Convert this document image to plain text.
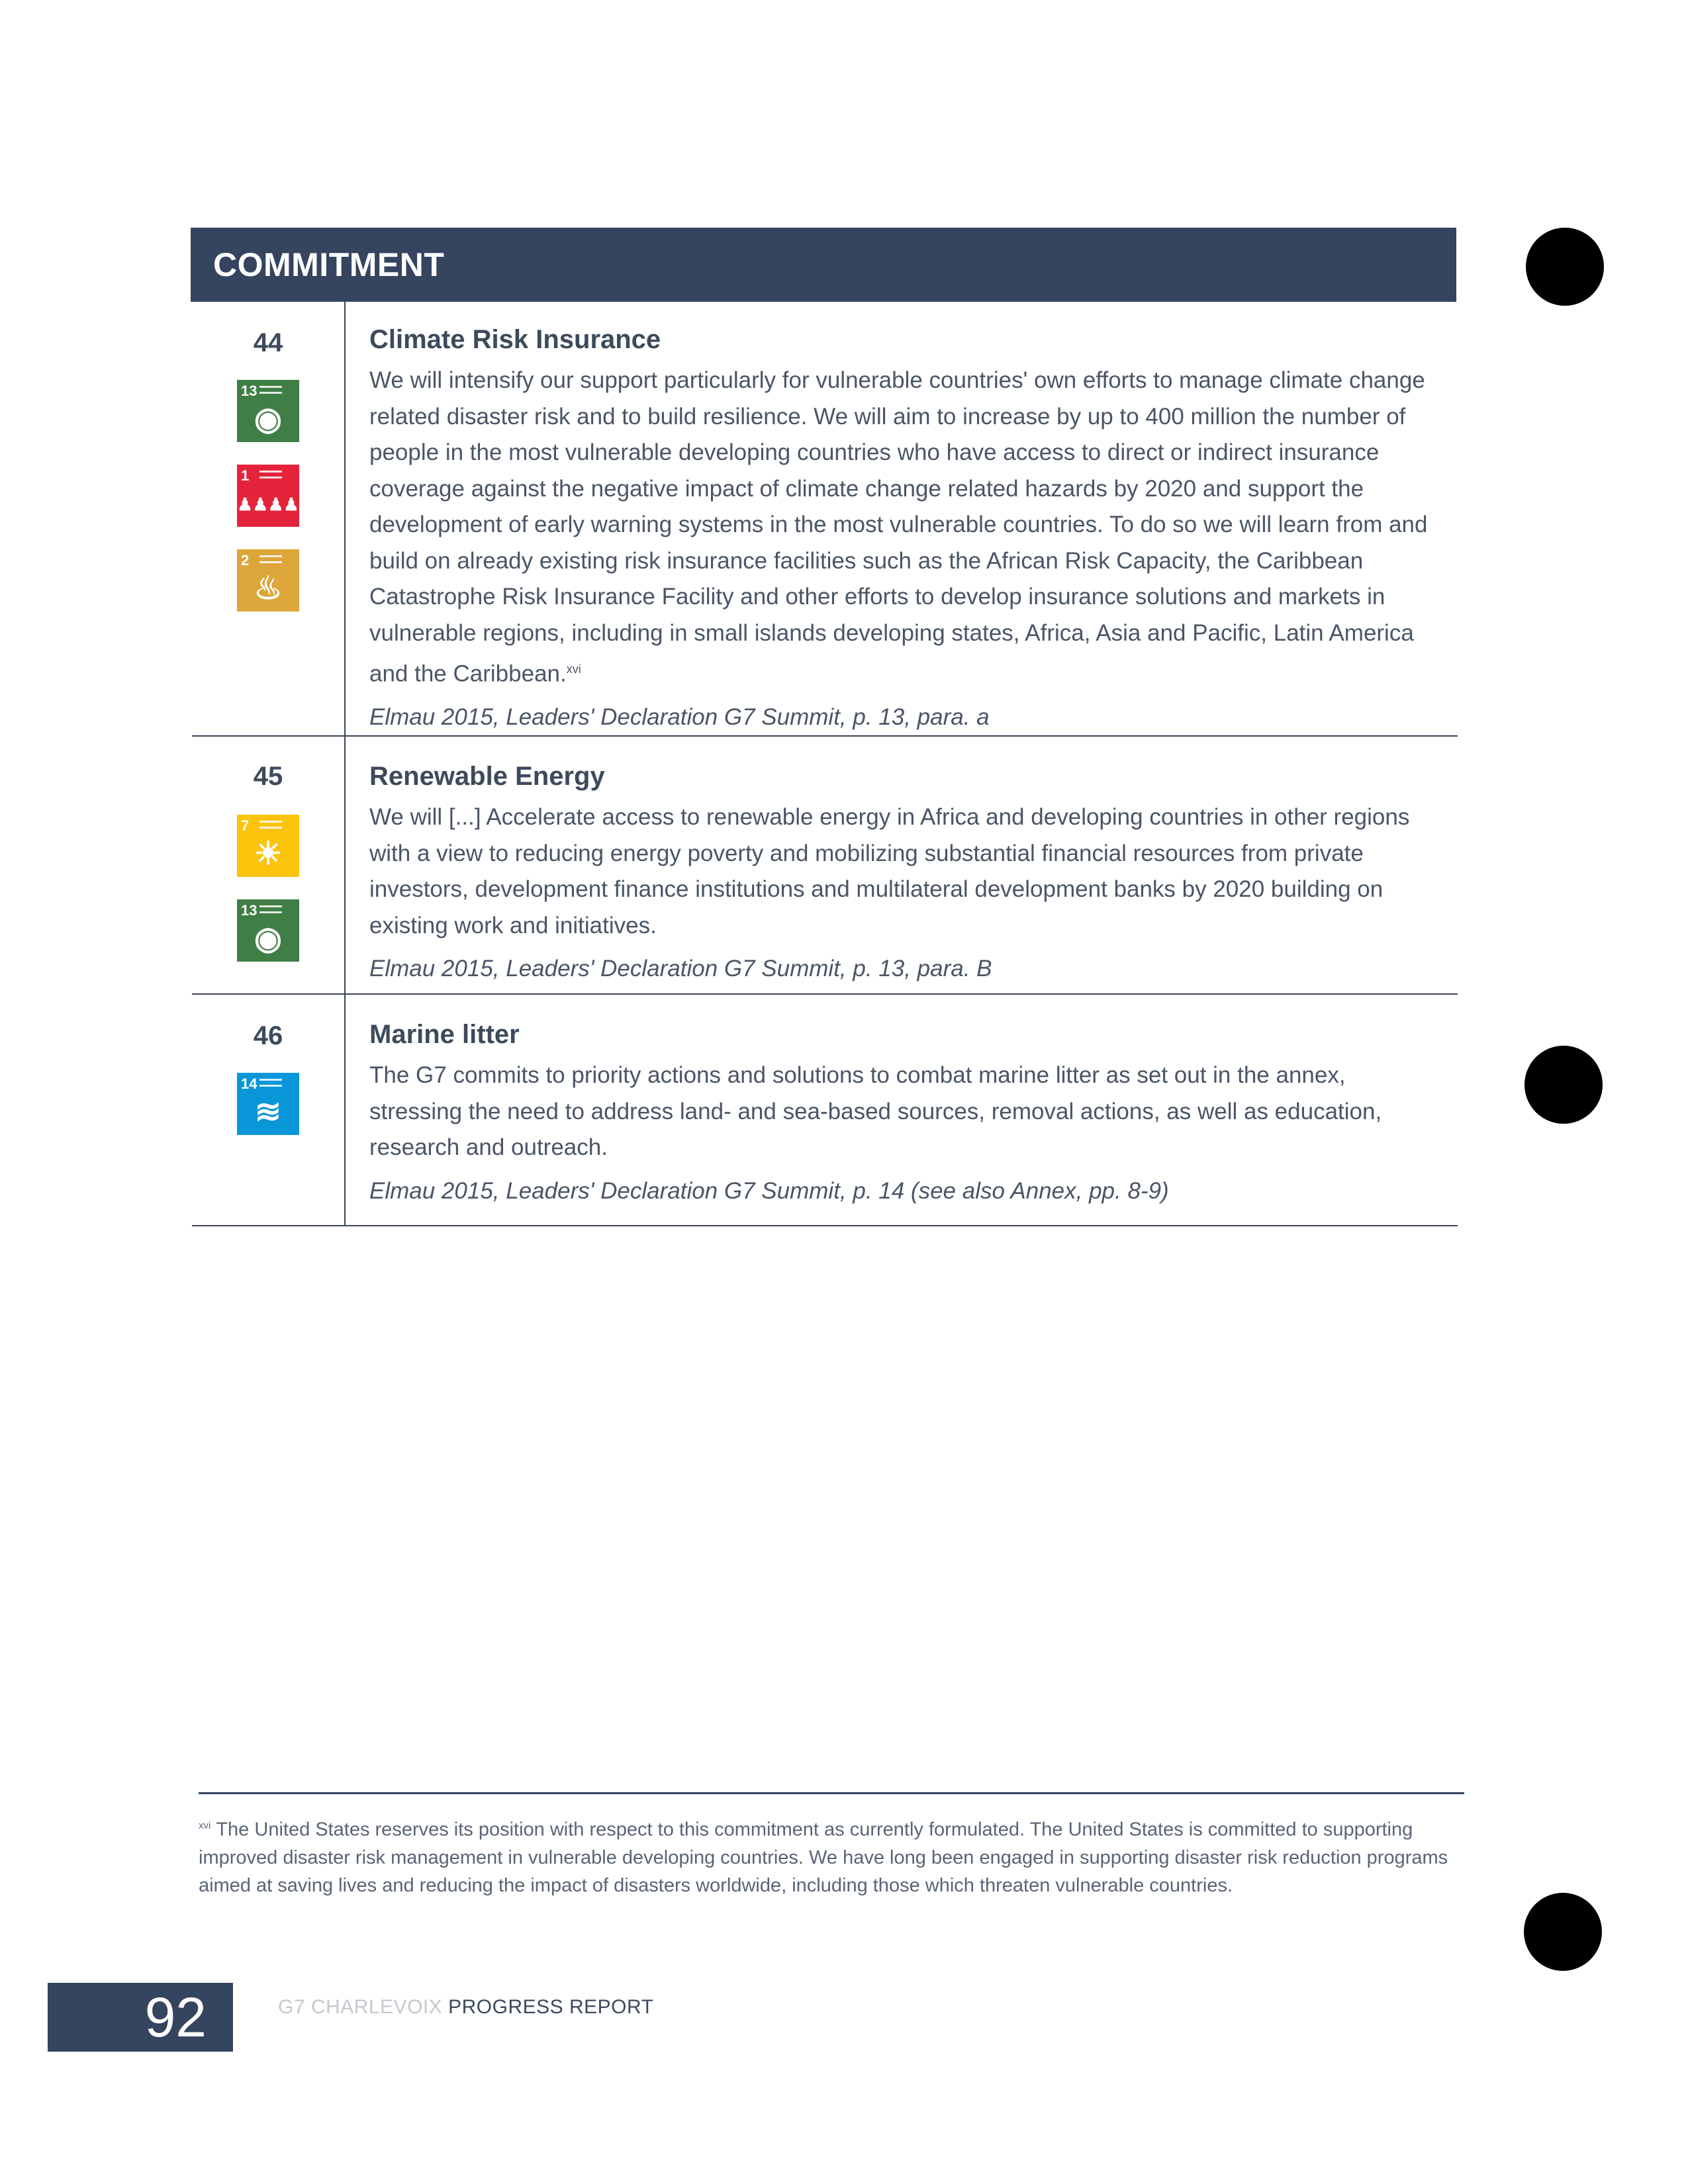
COMMITMENT
44
13
◉
1
♟♟♟♟
2
♨

Climate Risk Insurance

We will intensify our support particularly for vulnerable countries' own efforts to manage climate change related disaster risk and to build resilience. We will aim to increase by up to 400 million the number of people in the most vulnerable developing countries who have access to direct or indirect insurance coverage against the negative impact of climate change related hazards by 2020 and support the development of early warning systems in the most vulnerable countries. To do so we will learn from and build on already existing risk insurance facilities such as the African Risk Capacity, the Caribbean Catastrophe Risk Insurance Facility and other efforts to develop insurance solutions and markets in vulnerable regions, including in small islands developing states, Africa, Asia and Pacific, Latin America and the Caribbean.$^{xvi}$

Elmau 2015, Leaders' Declaration G7 Summit, p. 13, para. a

45
7
☀
13
◉

Renewable Energy

We will [...] Accelerate access to renewable energy in Africa and developing countries in other regions with a view to reducing energy poverty and mobilizing substantial financial resources from private investors, development finance institutions and multilateral development banks by 2020 building on existing work and initiatives.

Elmau 2015, Leaders' Declaration G7 Summit, p. 13, para. B

46
14
≋

Marine litter

The G7 commits to priority actions and solutions to combat marine litter as set out in the annex, stressing the need to address land- and sea-based sources, removal actions, as well as education, research and outreach.

Elmau 2015, Leaders' Declaration G7 Summit, p. 14 (see also Annex, pp. 8-9)

$^{xvi}$ The United States reserves its position with respect to this commitment as currently formulated. The United States is committed to supporting improved disaster risk management in vulnerable developing countries. We have long been engaged in supporting disaster risk reduction programs aimed at saving lives and reducing the impact of disasters worldwide, including those which threaten vulnerable countries.
92	G7 CHARLEVOIX PROGRESS REPORT
